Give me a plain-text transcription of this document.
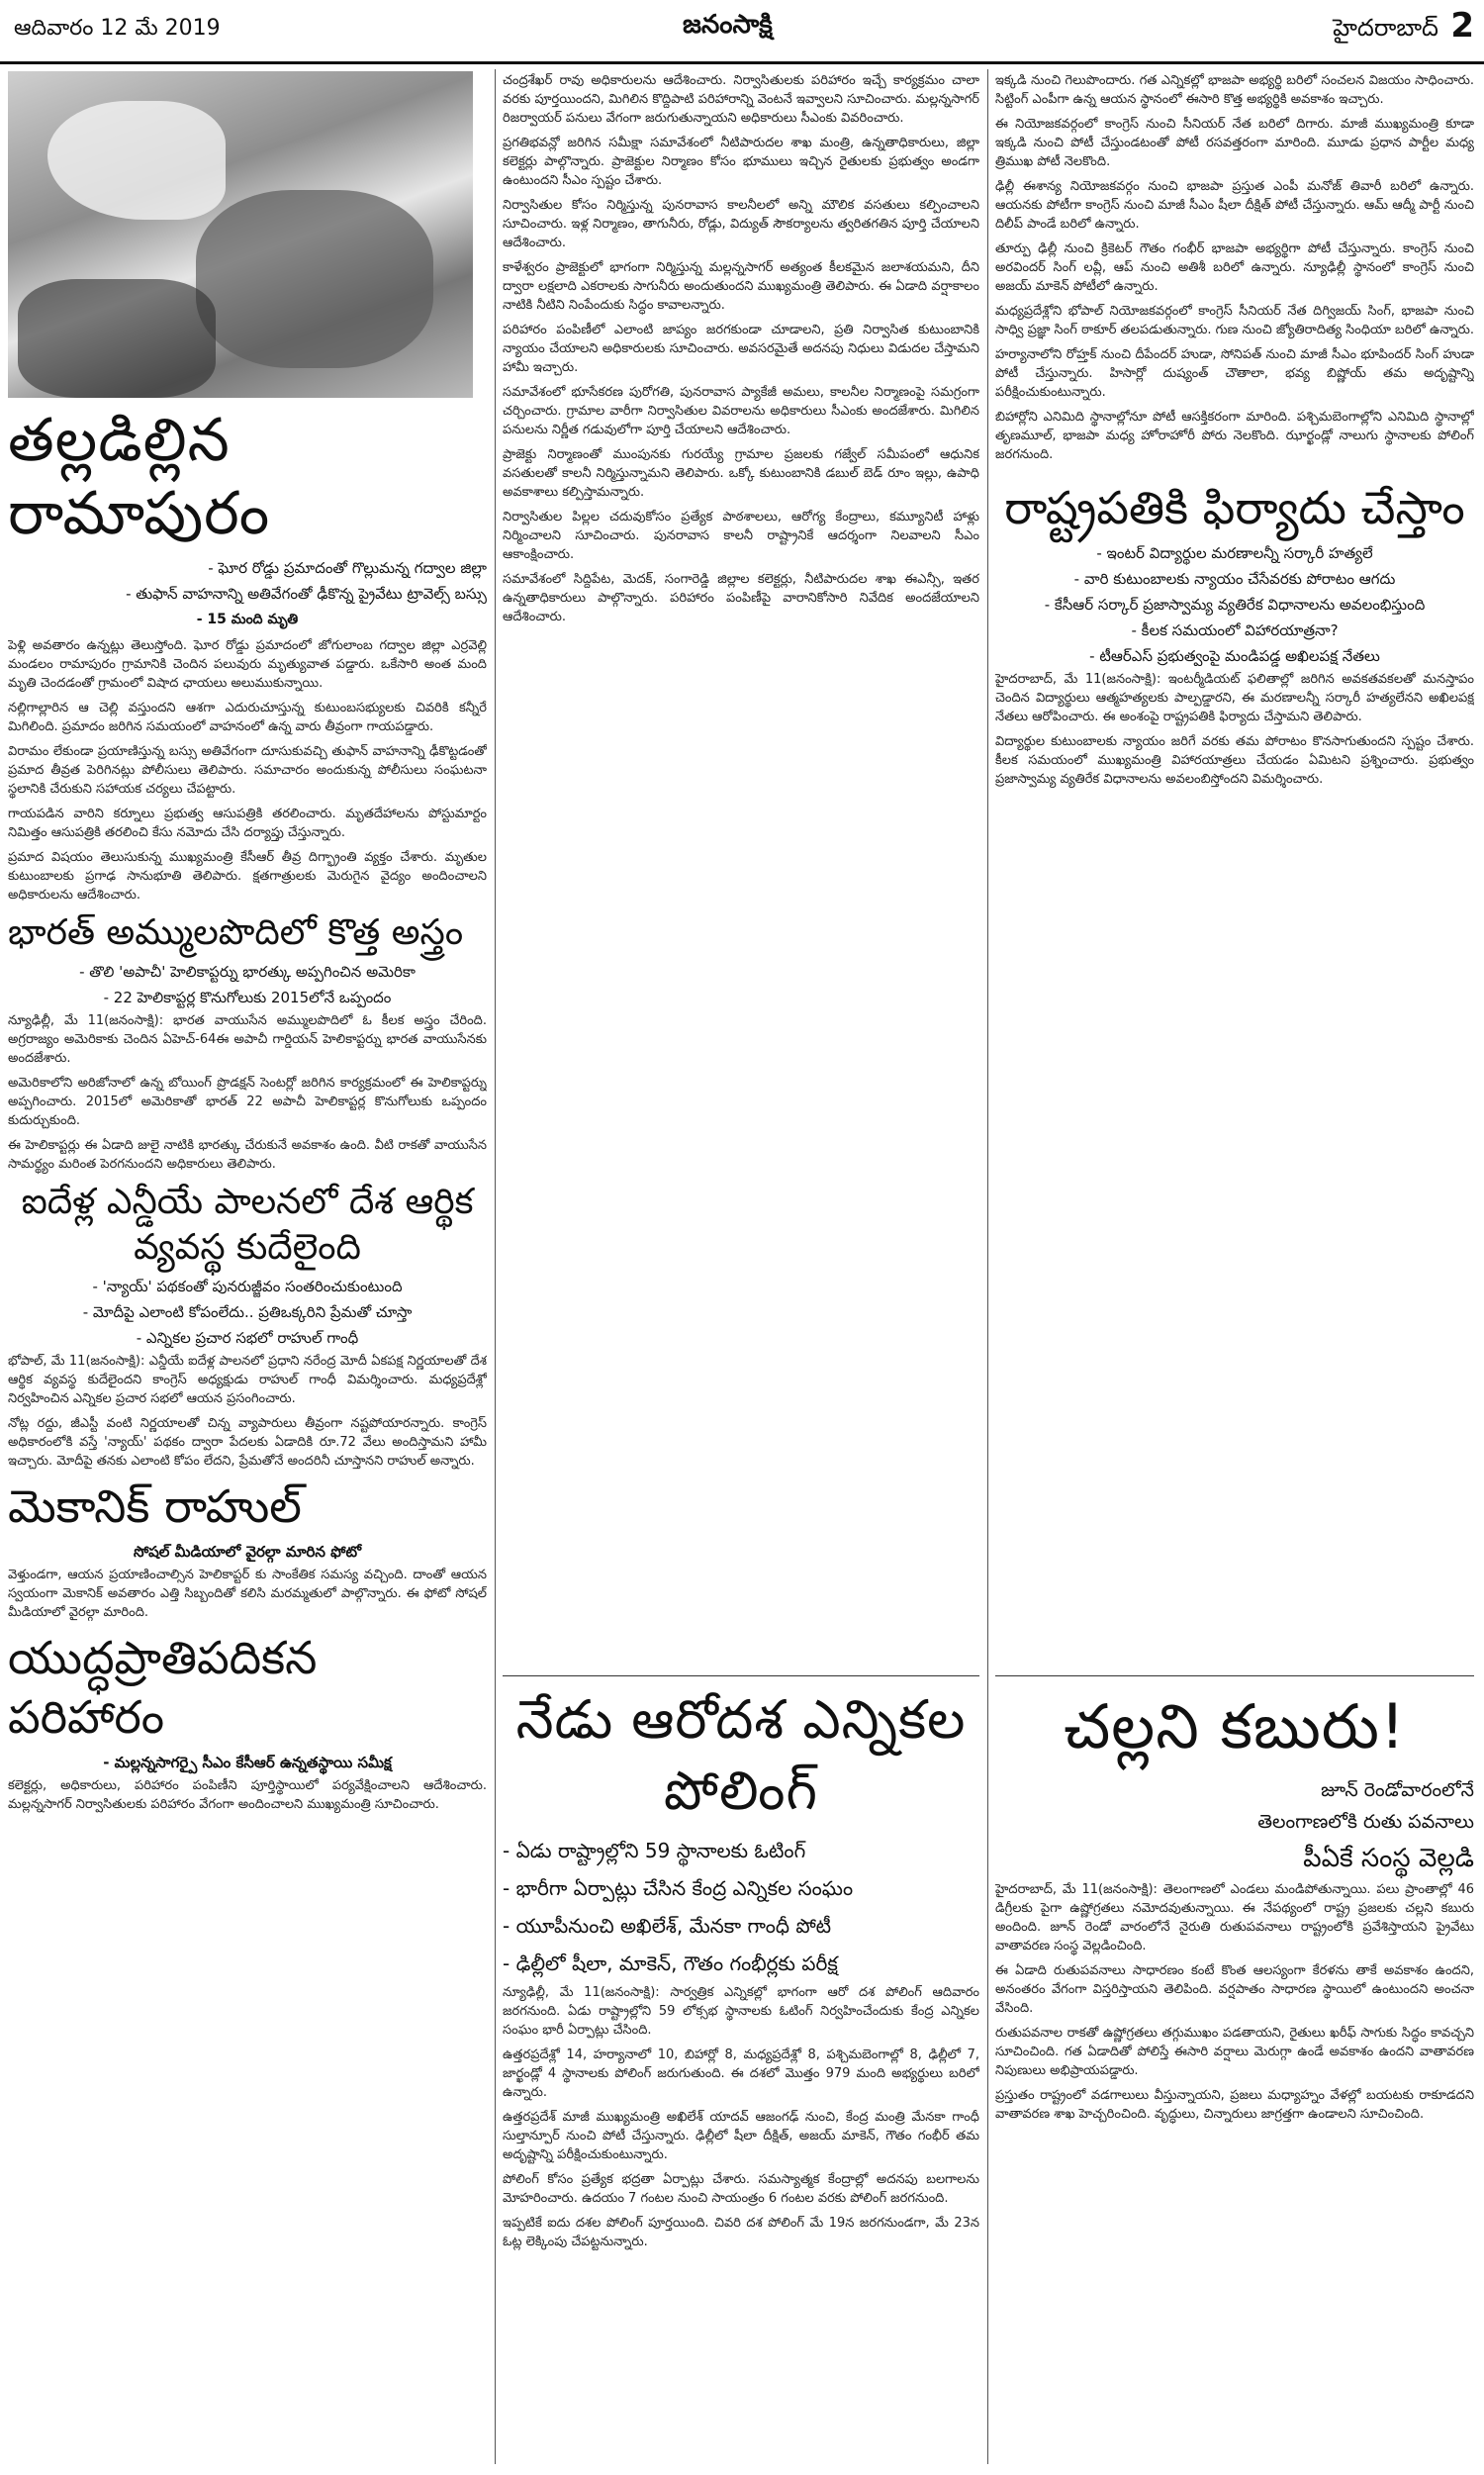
ఆదివారం 12 మే 2019	జనంసాక్షి	హైదరాబాద్ 2
తల్లడిల్లిన రామాపురం
- ఘోర రోడ్డు ప్రమాదంతో గొల్లుమన్న గద్వాల జిల్లా
- తుఫాన్ వాహనాన్ని అతివేగంతో ఢీకొన్న ప్రైవేటు ట్రావెల్స్ బస్సు
- 15 మంది మృతి

పెళ్లి అవతారం ఉన్నట్లు తెలుస్తోంది. ఘోర రోడ్డు ప్రమాదంలో జోగులాంబ గద్వాల జిల్లా ఎర్రవెల్లి మండలం రామాపురం గ్రామానికి చెందిన పలువురు మృత్యువాత పడ్డారు. ఒకేసారి అంత మంది మృతి చెందడంతో గ్రామంలో విషాద ఛాయలు అలుముకున్నాయి.

నల్లిగాల్లారిన ఆ చెల్లి వస్తుందని ఆశగా ఎదురుచూస్తున్న కుటుంబసభ్యులకు చివరికి కన్నీరే మిగిలింది. ప్రమాదం జరిగిన సమయంలో వాహనంలో ఉన్న వారు తీవ్రంగా గాయపడ్డారు.

విరామం లేకుండా ప్రయాణిస్తున్న బస్సు అతివేగంగా దూసుకువచ్చి తుఫాన్ వాహనాన్ని ఢీకొట్టడంతో ప్రమాద తీవ్రత పెరిగినట్లు పోలీసులు తెలిపారు. సమాచారం అందుకున్న పోలీసులు సంఘటనా స్థలానికి చేరుకుని సహాయక చర్యలు చేపట్టారు.

గాయపడిన వారిని కర్నూలు ప్రభుత్వ ఆసుపత్రికి తరలించారు. మృతదేహాలను పోస్టుమార్టం నిమిత్తం ఆసుపత్రికి తరలించి కేసు నమోదు చేసి దర్యాప్తు చేస్తున్నారు.

ప్రమాద విషయం తెలుసుకున్న ముఖ్యమంత్రి కేసీఆర్ తీవ్ర దిగ్భ్రాంతి వ్యక్తం చేశారు. మృతుల కుటుంబాలకు ప్రగాఢ సానుభూతి తెలిపారు. క్షతగాత్రులకు మెరుగైన వైద్యం అందించాలని అధికారులను ఆదేశించారు.

భారత్ అమ్ములపొదిలో కొత్త అస్త్రం
- తొలి 'అపాచీ' హెలికాప్టర్ను భారత్కు అప్పగించిన అమెరికా
- 22 హెలికాప్టర్ల కొనుగోలుకు 2015లోనే ఒప్పందం

న్యూఢిల్లీ, మే 11(జనంసాక్షి): భారత వాయుసేన అమ్ములపొదిలో ఓ కీలక అస్త్రం చేరింది. అగ్రరాజ్యం అమెరికాకు చెందిన ఏహెచ్-64ఈ అపాచీ గార్డియన్ హెలికాప్టర్ను భారత వాయుసేనకు అందజేశారు.

అమెరికాలోని అరిజోనాలో ఉన్న బోయింగ్ ప్రొడక్షన్ సెంటర్లో జరిగిన కార్యక్రమంలో ఈ హెలికాప్టర్ను అప్పగించారు. 2015లో అమెరికాతో భారత్ 22 అపాచీ హెలికాప్టర్ల కొనుగోలుకు ఒప్పందం కుదుర్చుకుంది.

ఈ హెలికాప్టర్లు ఈ ఏడాది జులై నాటికి భారత్కు చేరుకునే అవకాశం ఉంది. వీటి రాకతో వాయుసేన సామర్థ్యం మరింత పెరగనుందని అధికారులు తెలిపారు.

ఐదేళ్ల ఎన్డీయే పాలనలో దేశ ఆర్థిక వ్యవస్థ కుదేలైంది
- 'న్యాయ్' పథకంతో పునరుజ్జీవం సంతరించుకుంటుంది
- మోదీపై ఎలాంటి కోపంలేదు.. ప్రతిఒక్కరిని ప్రేమతో చూస్తా
- ఎన్నికల ప్రచార సభలో రాహుల్ గాంధీ

భోపాల్, మే 11(జనంసాక్షి): ఎన్డీయే ఐదేళ్ల పాలనలో ప్రధాని నరేంద్ర మోదీ ఏకపక్ష నిర్ణయాలతో దేశ ఆర్థిక వ్యవస్థ కుదేలైందని కాంగ్రెస్ అధ్యక్షుడు రాహుల్ గాంధీ విమర్శించారు. మధ్యప్రదేశ్లో నిర్వహించిన ఎన్నికల ప్రచార సభలో ఆయన ప్రసంగించారు.

నోట్ల రద్దు, జీఎస్టీ వంటి నిర్ణయాలతో చిన్న వ్యాపారులు తీవ్రంగా నష్టపోయారన్నారు. కాంగ్రెస్ అధికారంలోకి వస్తే 'న్యాయ్' పథకం ద్వారా పేదలకు ఏడాదికి రూ.72 వేలు అందిస్తామని హామీ ఇచ్చారు. మోదీపై తనకు ఎలాంటి కోపం లేదని, ప్రేమతోనే అందరినీ చూస్తానని రాహుల్ అన్నారు.

మెకానిక్ రాహుల్
సోషల్ మీడియాలో వైరల్గా మారిన ఫోటో

వెళ్తుండగా, ఆయన ప్రయాణించాల్సిన హెలికాప్టర్ కు సాంకేతిక సమస్య వచ్చింది. దాంతో ఆయన స్వయంగా మెకానిక్ అవతారం ఎత్తి సిబ్బందితో కలిసి మరమ్మతులో పాల్గొన్నారు. ఈ ఫోటో సోషల్ మీడియాలో వైరల్గా మారింది.

యుద్ధప్రాతిపదికన పరిహారం
- మల్లన్నసాగర్పై సీఎం కేసీఆర్ ఉన్నతస్థాయి సమీక్ష

కలెక్టర్లు, అధికారులు, పరిహారం పంపిణీని పూర్తిస్థాయిలో పర్యవేక్షించాలని ఆదేశించారు. మల్లన్నసాగర్ నిర్వాసితులకు పరిహారం వేగంగా అందించాలని ముఖ్యమంత్రి సూచించారు.

చంద్రశేఖర్ రావు అధికారులను ఆదేశించారు. నిర్వాసితులకు పరిహారం ఇచ్చే కార్యక్రమం చాలా వరకు పూర్తయిందని, మిగిలిన కొద్దిపాటి పరిహారాన్ని వెంటనే ఇవ్వాలని సూచించారు. మల్లన్నసాగర్ రిజర్వాయర్ పనులు వేగంగా జరుగుతున్నాయని అధికారులు సీఎంకు వివరించారు.

ప్రగతిభవన్లో జరిగిన సమీక్షా సమావేశంలో నీటిపారుదల శాఖ మంత్రి, ఉన్నతాధికారులు, జిల్లా కలెక్టర్లు పాల్గొన్నారు. ప్రాజెక్టుల నిర్మాణం కోసం భూములు ఇచ్చిన రైతులకు ప్రభుత్వం అండగా ఉంటుందని సీఎం స్పష్టం చేశారు.

నిర్వాసితుల కోసం నిర్మిస్తున్న పునరావాస కాలనీలలో అన్ని మౌలిక వసతులు కల్పించాలని సూచించారు. ఇళ్ల నిర్మాణం, తాగునీరు, రోడ్లు, విద్యుత్ సౌకర్యాలను త్వరితగతిన పూర్తి చేయాలని ఆదేశించారు.

కాళేశ్వరం ప్రాజెక్టులో భాగంగా నిర్మిస్తున్న మల్లన్నసాగర్ అత్యంత కీలకమైన జలాశయమని, దీని ద్వారా లక్షలాది ఎకరాలకు సాగునీరు అందుతుందని ముఖ్యమంత్రి తెలిపారు. ఈ ఏడాది వర్షాకాలం నాటికి నీటిని నింపేందుకు సిద్ధం కావాలన్నారు.

పరిహారం పంపిణీలో ఎలాంటి జాప్యం జరగకుండా చూడాలని, ప్రతి నిర్వాసిత కుటుంబానికి న్యాయం చేయాలని అధికారులకు సూచించారు. అవసరమైతే అదనపు నిధులు విడుదల చేస్తామని హామీ ఇచ్చారు.

సమావేశంలో భూసేకరణ పురోగతి, పునరావాస ప్యాకేజీ అమలు, కాలనీల నిర్మాణంపై సమగ్రంగా చర్చించారు. గ్రామాల వారీగా నిర్వాసితుల వివరాలను అధికారులు సీఎంకు అందజేశారు. మిగిలిన పనులను నిర్ణీత గడువులోగా పూర్తి చేయాలని ఆదేశించారు.

ప్రాజెక్టు నిర్మాణంతో ముంపునకు గురయ్యే గ్రామాల ప్రజలకు గజ్వేల్ సమీపంలో ఆధునిక వసతులతో కాలనీ నిర్మిస్తున్నామని తెలిపారు. ఒక్కో కుటుంబానికి డబుల్ బెడ్ రూం ఇల్లు, ఉపాధి అవకాశాలు కల్పిస్తామన్నారు.

నిర్వాసితుల పిల్లల చదువుకోసం ప్రత్యేక పాఠశాలలు, ఆరోగ్య కేంద్రాలు, కమ్యూనిటీ హాళ్లు నిర్మించాలని సూచించారు. పునరావాస కాలనీ రాష్ట్రానికే ఆదర్శంగా నిలవాలని సీఎం ఆకాంక్షించారు.

సమావేశంలో సిద్దిపేట, మెదక్, సంగారెడ్డి జిల్లాల కలెక్టర్లు, నీటిపారుదల శాఖ ఈఎన్సీ, ఇతర ఉన్నతాధికారులు పాల్గొన్నారు. పరిహారం పంపిణీపై వారానికోసారి నివేదిక అందజేయాలని ఆదేశించారు.

ఇక్కడి నుంచి గెలుపొందారు. గత ఎన్నికల్లో భాజపా అభ్యర్థి బరిలో సంచలన విజయం సాధించారు. సిట్టింగ్ ఎంపీగా ఉన్న ఆయన స్థానంలో ఈసారి కొత్త అభ్యర్థికి అవకాశం ఇచ్చారు.

ఈ నియోజకవర్గంలో కాంగ్రెస్ నుంచి సీనియర్ నేత బరిలో దిగారు. మాజీ ముఖ్యమంత్రి కూడా ఇక్కడి నుంచి పోటీ చేస్తుండటంతో పోటీ రసవత్తరంగా మారింది. మూడు ప్రధాన పార్టీల మధ్య త్రిముఖ పోటీ నెలకొంది.

ఢిల్లీ ఈశాన్య నియోజకవర్గం నుంచి భాజపా ప్రస్తుత ఎంపీ మనోజ్ తివారీ బరిలో ఉన్నారు. ఆయనకు పోటీగా కాంగ్రెస్ నుంచి మాజీ సీఎం షీలా దీక్షిత్ పోటీ చేస్తున్నారు. ఆమ్ ఆద్మీ పార్టీ నుంచి దిలీప్ పాండే బరిలో ఉన్నారు.

తూర్పు ఢిల్లీ నుంచి క్రికెటర్ గౌతం గంభీర్ భాజపా అభ్యర్థిగా పోటీ చేస్తున్నారు. కాంగ్రెస్ నుంచి అరవిందర్ సింగ్ లవ్లీ, ఆప్ నుంచి అతిశీ బరిలో ఉన్నారు. న్యూఢిల్లీ స్థానంలో కాంగ్రెస్ నుంచి అజయ్ మాకెన్ పోటీలో ఉన్నారు.

మధ్యప్రదేశ్లోని భోపాల్ నియోజకవర్గంలో కాంగ్రెస్ సీనియర్ నేత దిగ్విజయ్ సింగ్, భాజపా నుంచి సాధ్వి ప్రజ్ఞా సింగ్ ఠాకూర్ తలపడుతున్నారు. గుణ నుంచి జ్యోతిరాదిత్య సింధియా బరిలో ఉన్నారు.

హర్యానాలోని రోహ్తక్ నుంచి దీపేందర్ హుడా, సోనిపత్ నుంచి మాజీ సీఎం భూపిందర్ సింగ్ హుడా పోటీ చేస్తున్నారు. హిసార్లో దుష్యంత్ చౌతాలా, భవ్య బిష్ణోయ్ తమ అదృష్టాన్ని పరీక్షించుకుంటున్నారు.

బిహార్లోని ఎనిమిది స్థానాల్లోనూ పోటీ ఆసక్తికరంగా మారింది. పశ్చిమబెంగాల్లోని ఎనిమిది స్థానాల్లో తృణమూల్, భాజపా మధ్య హోరాహోరీ పోరు నెలకొంది. ఝార్ఖండ్లో నాలుగు స్థానాలకు పోలింగ్ జరగనుంది.

రాష్ట్రపతికి ఫిర్యాదు చేస్తాం
- ఇంటర్ విద్యార్థుల మరణాలన్నీ సర్కారీ హత్యలే
- వారి కుటుంబాలకు న్యాయం చేసేవరకు పోరాటం ఆగదు
- కేసీఆర్ సర్కార్ ప్రజాస్వామ్య వ్యతిరేక విధానాలను అవలంభిస్తుంది
- కీలక సమయంలో విహారయాత్రనా?
- టీఆర్ఎస్ ప్రభుత్వంపై మండిపడ్డ అఖిలపక్ష నేతలు

హైదరాబాద్, మే 11(జనంసాక్షి): ఇంటర్మీడియట్ ఫలితాల్లో జరిగిన అవకతవకలతో మనస్తాపం చెందిన విద్యార్థులు ఆత్మహత్యలకు పాల్పడ్డారని, ఈ మరణాలన్నీ సర్కారీ హత్యలేనని అఖిలపక్ష నేతలు ఆరోపించారు. ఈ అంశంపై రాష్ట్రపతికి ఫిర్యాదు చేస్తామని తెలిపారు.

విద్యార్థుల కుటుంబాలకు న్యాయం జరిగే వరకు తమ పోరాటం కొనసాగుతుందని స్పష్టం చేశారు. కీలక సమయంలో ముఖ్యమంత్రి విహారయాత్రలు చేయడం ఏమిటని ప్రశ్నించారు. ప్రభుత్వం ప్రజాస్వామ్య వ్యతిరేక విధానాలను అవలంబిస్తోందని విమర్శించారు.

నేడు ఆరోదశ ఎన్నికల పోలింగ్
- ఏడు రాష్ట్రాల్లోని 59 స్థానాలకు ఓటింగ్
- భారీగా ఏర్పాట్లు చేసిన కేంద్ర ఎన్నికల సంఘం
- యూపీనుంచి అఖిలేశ్, మేనకా గాంధీ పోటీ
- ఢిల్లీలో షీలా, మాకెన్, గౌతం గంభీర్లకు పరీక్ష

న్యూఢిల్లీ, మే 11(జనంసాక్షి): సార్వత్రిక ఎన్నికల్లో భాగంగా ఆరో దశ పోలింగ్ ఆదివారం జరగనుంది. ఏడు రాష్ట్రాల్లోని 59 లోక్సభ స్థానాలకు ఓటింగ్ నిర్వహించేందుకు కేంద్ర ఎన్నికల సంఘం భారీ ఏర్పాట్లు చేసింది.

ఉత్తరప్రదేశ్లో 14, హర్యానాలో 10, బిహార్లో 8, మధ్యప్రదేశ్లో 8, పశ్చిమబెంగాల్లో 8, ఢిల్లీలో 7, జార్ఖండ్లో 4 స్థానాలకు పోలింగ్ జరుగుతుంది. ఈ దశలో మొత్తం 979 మంది అభ్యర్థులు బరిలో ఉన్నారు.

ఉత్తరప్రదేశ్ మాజీ ముఖ్యమంత్రి అఖిలేశ్ యాదవ్ ఆజంగఢ్ నుంచి, కేంద్ర మంత్రి మేనకా గాంధీ సుల్తాన్పూర్ నుంచి పోటీ చేస్తున్నారు. ఢిల్లీలో షీలా దీక్షిత్, అజయ్ మాకెన్, గౌతం గంభీర్ తమ అదృష్టాన్ని పరీక్షించుకుంటున్నారు.

పోలింగ్ కోసం ప్రత్యేక భద్రతా ఏర్పాట్లు చేశారు. సమస్యాత్మక కేంద్రాల్లో అదనపు బలగాలను మోహరించారు. ఉదయం 7 గంటల నుంచి సాయంత్రం 6 గంటల వరకు పోలింగ్ జరగనుంది.

ఇప్పటికే ఐదు దశల పోలింగ్ పూర్తయింది. చివరి దశ పోలింగ్ మే 19న జరగనుండగా, మే 23న ఓట్ల లెక్కింపు చేపట్టనున్నారు.

చల్లని కబురు!
జూన్ రెండోవారంలోనే
తెలంగాణలోకి రుతు పవనాలు
పీఏకే సంస్థ వెల్లడి

హైదరాబాద్, మే 11(జనంసాక్షి): తెలంగాణలో ఎండలు మండిపోతున్నాయి. పలు ప్రాంతాల్లో 46 డిగ్రీలకు పైగా ఉష్ణోగ్రతలు నమోదవుతున్నాయి. ఈ నేపథ్యంలో రాష్ట్ర ప్రజలకు చల్లని కబురు అందింది. జూన్ రెండో వారంలోనే నైరుతి రుతుపవనాలు రాష్ట్రంలోకి ప్రవేశిస్తాయని ప్రైవేటు వాతావరణ సంస్థ వెల్లడించింది.

ఈ ఏడాది రుతుపవనాలు సాధారణం కంటే కొంత ఆలస్యంగా కేరళను తాకే అవకాశం ఉందని, అనంతరం వేగంగా విస్తరిస్తాయని తెలిపింది. వర్షపాతం సాధారణ స్థాయిలో ఉంటుందని అంచనా వేసింది.

రుతుపవనాల రాకతో ఉష్ణోగ్రతలు తగ్గుముఖం పడతాయని, రైతులు ఖరీఫ్ సాగుకు సిద్ధం కావచ్చని సూచించింది. గత ఏడాదితో పోలిస్తే ఈసారి వర్షాలు మెరుగ్గా ఉండే అవకాశం ఉందని వాతావరణ నిపుణులు అభిప్రాయపడ్డారు.

ప్రస్తుతం రాష్ట్రంలో వడగాలులు వీస్తున్నాయని, ప్రజలు మధ్యాహ్నం వేళల్లో బయటకు రాకూడదని వాతావరణ శాఖ హెచ్చరించింది. వృద్ధులు, చిన్నారులు జాగ్రత్తగా ఉండాలని సూచించింది.
